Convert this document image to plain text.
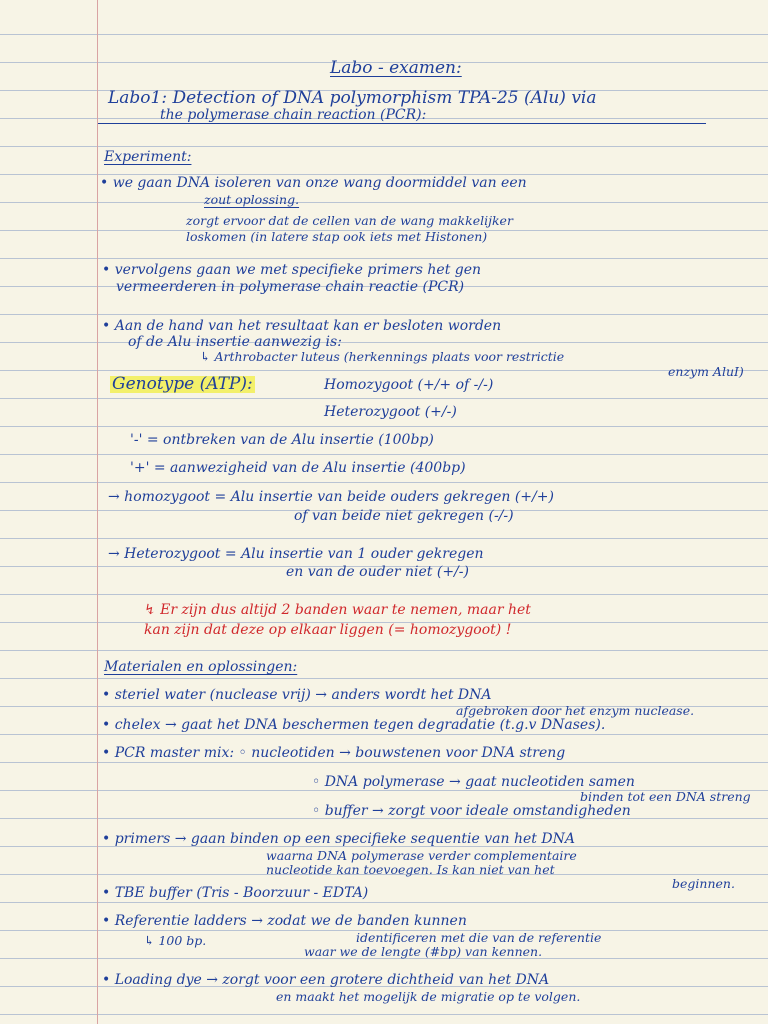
Labo - examen:
Labo1: Detection of DNA polymorphism TPA-25 (Alu) via
the polymerase chain reaction (PCR):
Experiment:
• we gaan DNA isoleren van onze wang doormiddel van een
zout oplossing.
zorgt ervoor dat de cellen van de wang makkelijker
loskomen (in latere stap ook iets met Histonen)
• vervolgens gaan we met specifieke primers het gen
vermeerderen in polymerase chain reactie (PCR)
• Aan de hand van het resultaat kan er besloten worden
of de Alu insertie aanwezig is:
↳ Arthrobacter luteus (herkennings plaats voor restrictie
enzym AluI)
Genotype (ATP):	Homozygoot (+/+ of -/-)
Heterozygoot (+/-)
'-' = ontbreken van de Alu insertie (100bp)
'+' = aanwezigheid van de Alu insertie (400bp)
→ homozygoot = Alu insertie van beide ouders gekregen (+/+)
of van beide niet gekregen (-/-)
→ Heterozygoot = Alu insertie van 1 ouder gekregen
en van de ouder niet (+/-)
↯ Er zijn dus altijd 2 banden waar te nemen, maar het
kan zijn dat deze op elkaar liggen (= homozygoot) !
Materialen en oplossingen:
• steriel water (nuclease vrij) → anders wordt het DNA
afgebroken door het enzym nuclease.
• chelex → gaat het DNA beschermen tegen degradatie (t.g.v DNases).
• PCR master mix: ◦ nucleotiden → bouwstenen voor DNA streng
◦ DNA polymerase → gaat nucleotiden samen
binden tot een DNA streng
◦ buffer → zorgt voor ideale omstandigheden
• primers → gaan binden op een specifieke sequentie van het DNA
waarna DNA polymerase verder complementaire
nucleotide kan toevoegen. Is kan niet van het
beginnen.
• TBE buffer (Tris - Boorzuur - EDTA)
• Referentie ladders → zodat we de banden kunnen
↳ 100 bp.	identificeren met die van de referentie
waar we de lengte (#bp) van kennen.
• Loading dye → zorgt voor een grotere dichtheid van het DNA
en maakt het mogelijk de migratie op te volgen.
